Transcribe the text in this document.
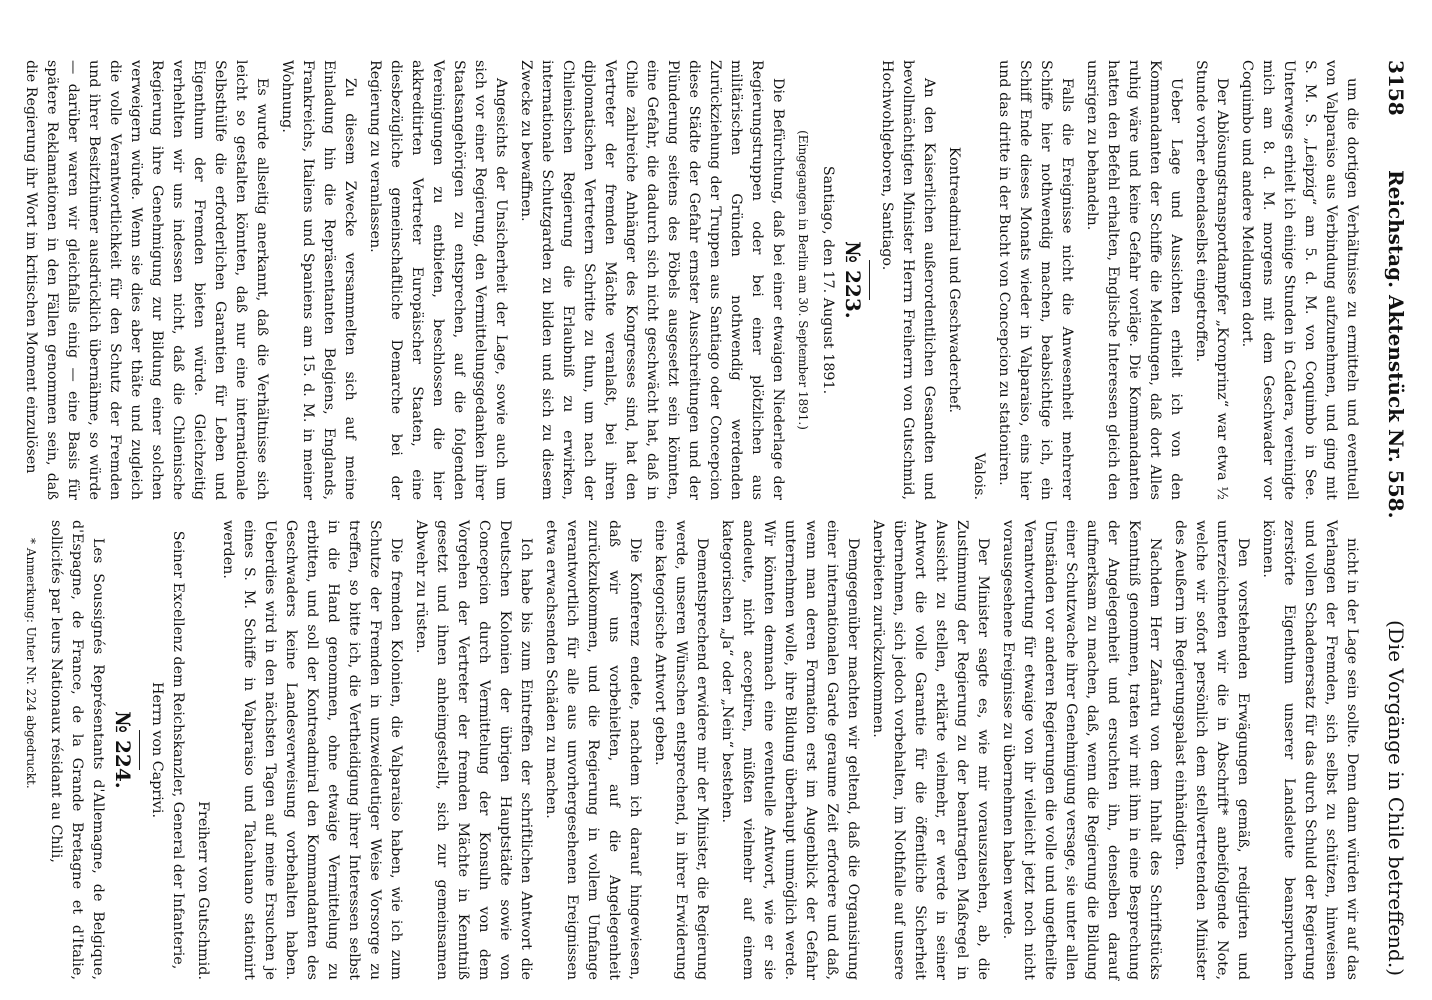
3158
Reichstag. Aktenstück Nr. 558.
(Die Vorgänge in Chile betreffend.)

um die dortigen Verhältnisse zu ermitteln und eventuell von Valparaiso aus Verbindung aufzunehmen, und ging mit S. M. S. „Leipzig“ am 5. d. M. von Coquimbo in See. Unterwegs erhielt ich einige Stunden in Caldera, vereinigte mich am 8. d. M. morgens mit dem Geschwader vor Coquimbo und andere Meldungen dort.

Der Ablösungstransportdampfer „Kronprinz“ war etwa ½ Stunde vorher ebendaselbst eingetroffen.

Ueber Lage und Aussichten erhielt ich von den Kommandanten der Schiffe die Meldungen, daß dort Alles ruhig wäre und keine Gefahr vorläge. Die Kommandanten hatten den Befehl erhalten, Englische Interessen gleich den unsrigen zu behandeln.

Falls die Ereignisse nicht die Anwesenheit mehrerer Schiffe hier nothwendig machen, beabsichtige ich, ein Schiff Ende dieses Monats wieder in Valparaiso, eins hier und das dritte in der Bucht von Concepcion zu stationiren.

Valois.

Kontreadmiral und Geschwaderchef.

An den Kaiserlichen außerordentlichen Gesandten und bevollmächtigten Minister Herrn Freiherrn von Gutschmid, Hochwohlgeboren, Santiago.

№ 223.

Santiago, den 17. August 1891.

(Eingegangen in Berlin am 30. September 1891.)

Die Befürchtung, daß bei einer etwaigen Niederlage der Regierungstruppen oder bei einer plötzlichen aus militärischen Gründen nothwendig werdenden Zurückziehung der Truppen aus Santiago oder Concepcion diese Städte der Gefahr ernster Ausschreitungen und der Plünderung seitens des Pöbels ausgesetzt sein könnten, eine Gefahr, die dadurch sich nicht geschwächt hat, daß in Chile zahlreiche Anhänger des Kongresses sind, hat den Vertreter der fremden Mächte veranlaßt, bei ihren diplomatischen Vertretern Schritte zu thun, um nach der Chilenischen Regierung die Erlaubniß zu erwirken, internationale Schutzgarden zu bilden und sich zu diesem Zwecke zu bewaffnen.

Angesichts der Unsicherheit der Lage, sowie auch um sich vor einer Regierung, den Vermittelungsgedanken ihrer Staatsangehörigen zu entsprechen, auf die folgenden Vereinigungen zu entbieten, beschlossen die hier akkreditirten Vertreter Europäischer Staaten, eine diesbezügliche gemeinschaftliche Demarche bei der Regierung zu veranlassen.

Zu diesem Zwecke versammelten sich auf meine Einladung hin die Repräsentanten Belgiens, Englands, Frankreichs, Italiens und Spaniens am 15. d. M. in meiner Wohnung.

Es wurde allseitig anerkannt, daß die Verhältnisse sich leicht so gestalten könnten, daß nur eine internationale Selbsthülfe die erforderlichen Garantien für Leben und Eigenthum der Fremden bieten würde. Gleichzeitig verhehlten wir uns indessen nicht, daß die Chilenische Regierung ihre Genehmigung zur Bildung einer solchen verweigern würde. Wenn sie dies aber thäte und zugleich die volle Verantwortlichkeit für den Schutz der Fremden und ihrer Besitzthümer ausdrücklich übernähme, so würde — darüber waren wir gleichfalls einig — eine Basis für spätere Reklamationen in den Fällen genommen sein, daß die Regierung ihr Wort im kritischen Moment einzulösen

nicht in der Lage sein sollte. Denn dann würden wir auf das Verlangen der Fremden, sich selbst zu schützen, hinweisen und vollen Schadenersatz für das durch Schuld der Regierung zerstörte Eigenthum unserer Landsleute beanspruchen können.

Den vorstehenden Erwägungen gemäß, redigirten und unterzeichneten wir die in Abschrift* anbeifolgende Note, welche wir sofort persönlich dem stellvertretenden Minister des Aeußern im Regierungspalast einhändigten.

Nachdem Herr Zañartu von dem Inhalt des Schriftstücks Kenntniß genommen, traten wir mit ihm in eine Besprechung der Angelegenheit und ersuchten ihn, denselben darauf aufmerksam zu machen, daß, wenn die Regierung die Bildung einer Schutzwache ihrer Genehmigung versage, sie unter allen Umständen vor anderen Regierungen die volle und ungetheilte Verantwortung für etwaige von ihr vielleicht jetzt noch nicht vorausgesehene Ereignisse zu übernehmen haben werde.

Der Minister sagte es, wie mir vorauszusehen, ab, die Zustimmung der Regierung zu der beantragten Maßregel in Aussicht zu stellen, erklärte vielmehr, er werde in seiner Antwort die volle Garantie für die öffentliche Sicherheit übernehmen, sich jedoch vorbehalten, im Nothfalle auf unsere Anerbieten zurückzukommen.

Demgegenüber machten wir geltend, daß die Organisirung einer internationalen Garde geraume Zeit erfordere und daß, wenn man deren Formation erst im Augenblick der Gefahr unternehmen wolle, ihre Bildung überhaupt unmöglich werde. Wir könnten demnach eine eventuelle Antwort, wie er sie andeute, nicht acceptiren, müßten vielmehr auf einem kategorischen „Ja“ oder „Nein“ bestehen.

Dementsprechend erwidere mir der Minister, die Regierung werde, unseren Wünschen entsprechend, in ihrer Erwiderung eine kategorische Antwort geben.

Die Konferenz endete, nachdem ich darauf hingewiesen, daß wir uns vorbehielten, auf die Angelegenheit zurückzukommen, und die Regierung in vollem Umfange verantwortlich für alle aus unvorhergesehenen Ereignissen etwa erwachsenden Schäden zu machen.

Ich habe bis zum Eintreffen der schriftlichen Antwort die Deutschen Kolonien der übrigen Hauptstädte sowie von Concepcion durch Vermittelung der Konsuln von dem Vorgehen der Vertreter der fremden Mächte in Kenntniß gesetzt und ihnen anheimgestellt, sich zur gemeinsamen Abwehr zu rüsten.

Die fremden Kolonien, die Valparaiso haben, wie ich zum Schutze der Fremden in unzweideutiger Weise Vorsorge zu treffen, so bitte ich, die Vertheidigung ihrer Interessen selbst in die Hand genommen, ohne etwaige Vermittelung zu erbitten, und soll der Kontreadmiral den Kommandanten des Geschwaders keine Landesverweisung vorbehalten haben. Ueberdies wird in den nächsten Tagen auf meine Ersuchen je eines S. M. Schiffe in Valparaiso und Talcahuano stationirt werden.

Freiherr von Gutschmid.

Seiner Excellenz dem Reichskanzler, General der Infanterie, Herrn von Caprivi.

№ 224.

Les Soussignés Représentants d'Allemagne, de Belgique, d'Espagne, de France, de la Grande Bretagne et d'Italie, sollicités par leurs Nationaux résidant au Chili,

* Anmerkung: Unter Nr. 224 abgedruckt.
